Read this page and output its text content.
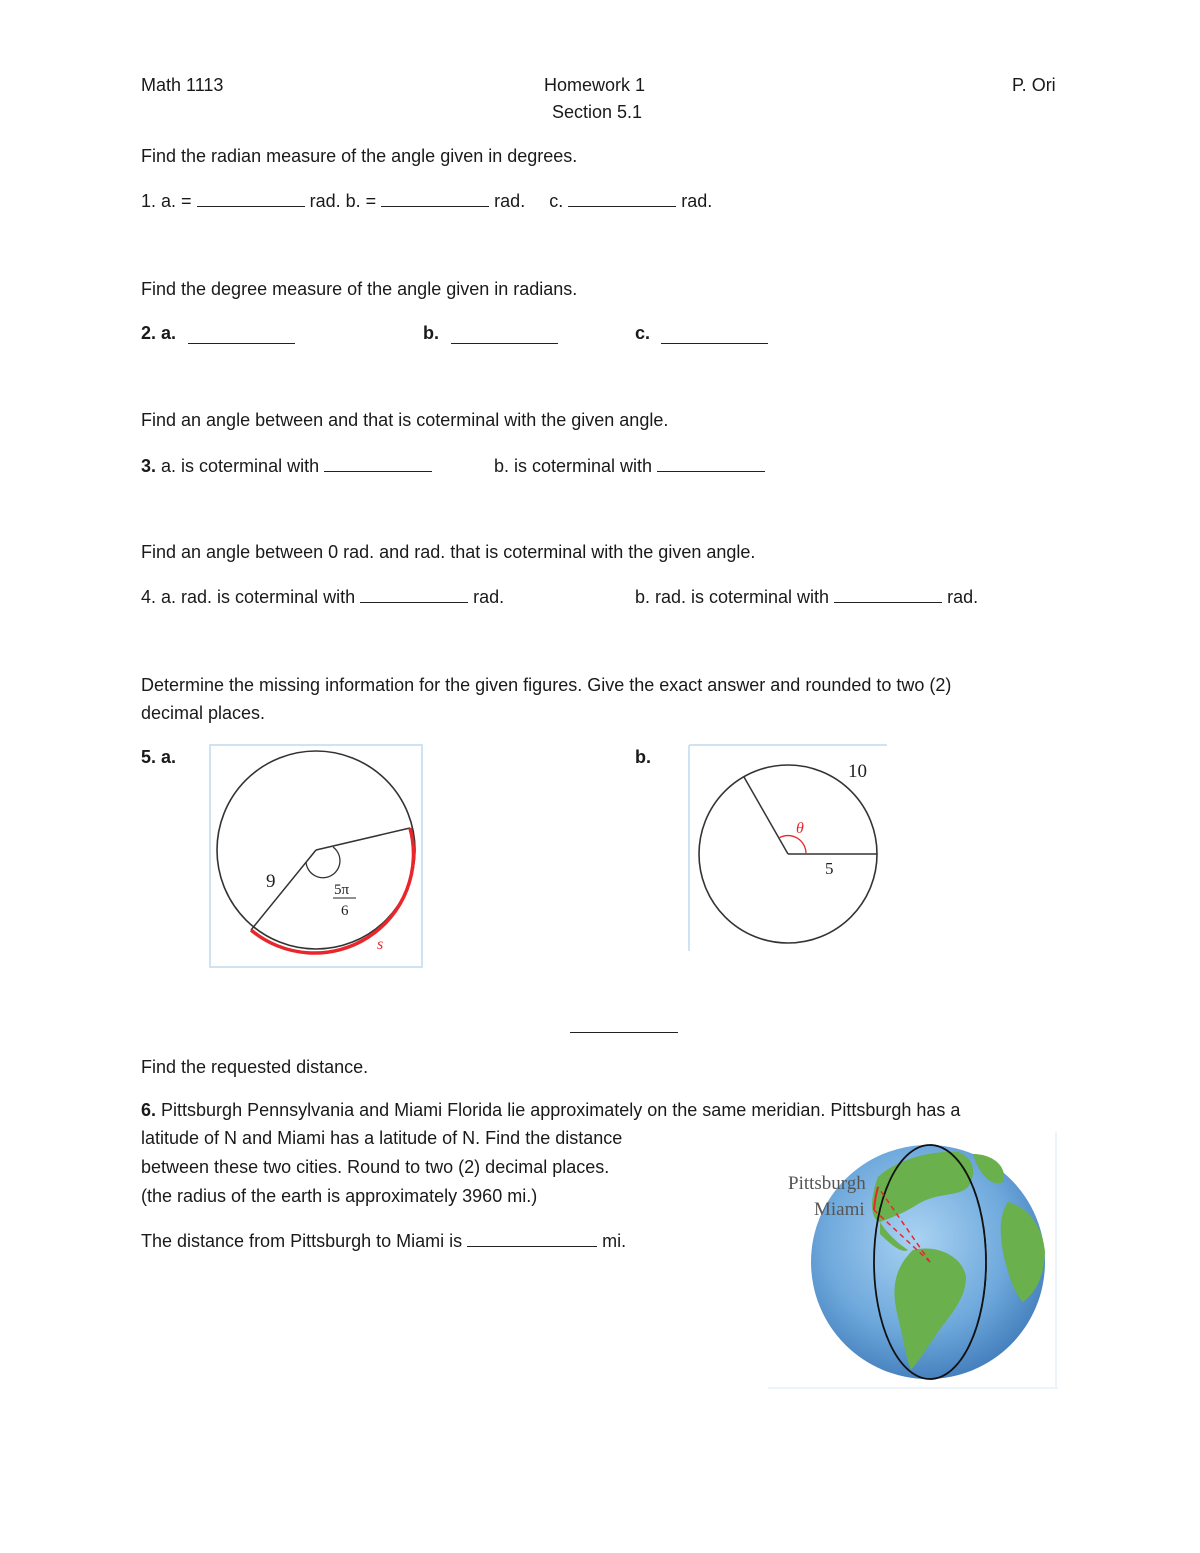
Math 1113	Homework 1	P. Ori
Section 5.1
Find the radian measure of the angle given in degrees.
1. a. =	rad. b. =	rad. c.	rad.
Find the degree measure of the angle given in radians.
2. a.	b.	c.
Find an angle between and that is coterminal with the given angle.
3. a. is coterminal with	b. is coterminal with
Find an angle between 0 rad. and rad. that is coterminal with the given angle.
4. a. rad. is coterminal with	rad.	b. rad. is coterminal with	rad.
Determine the missing information for the given figures. Give the exact answer and rounded to two (2)
decimal places.
5. a.	b.
9	5π
6
s
10
θ
5
Find the requested distance.
6. Pittsburgh Pennsylvania and Miami Florida lie approximately on the same meridian. Pittsburgh has a
latitude of N and Miami has a latitude of N. Find the distance
between these two cities. Round to two (2) decimal places.
(the radius of the earth is approximately 3960 mi.)
The distance from Pittsburgh to Miami is	mi.
Pittsburgh
Miami
